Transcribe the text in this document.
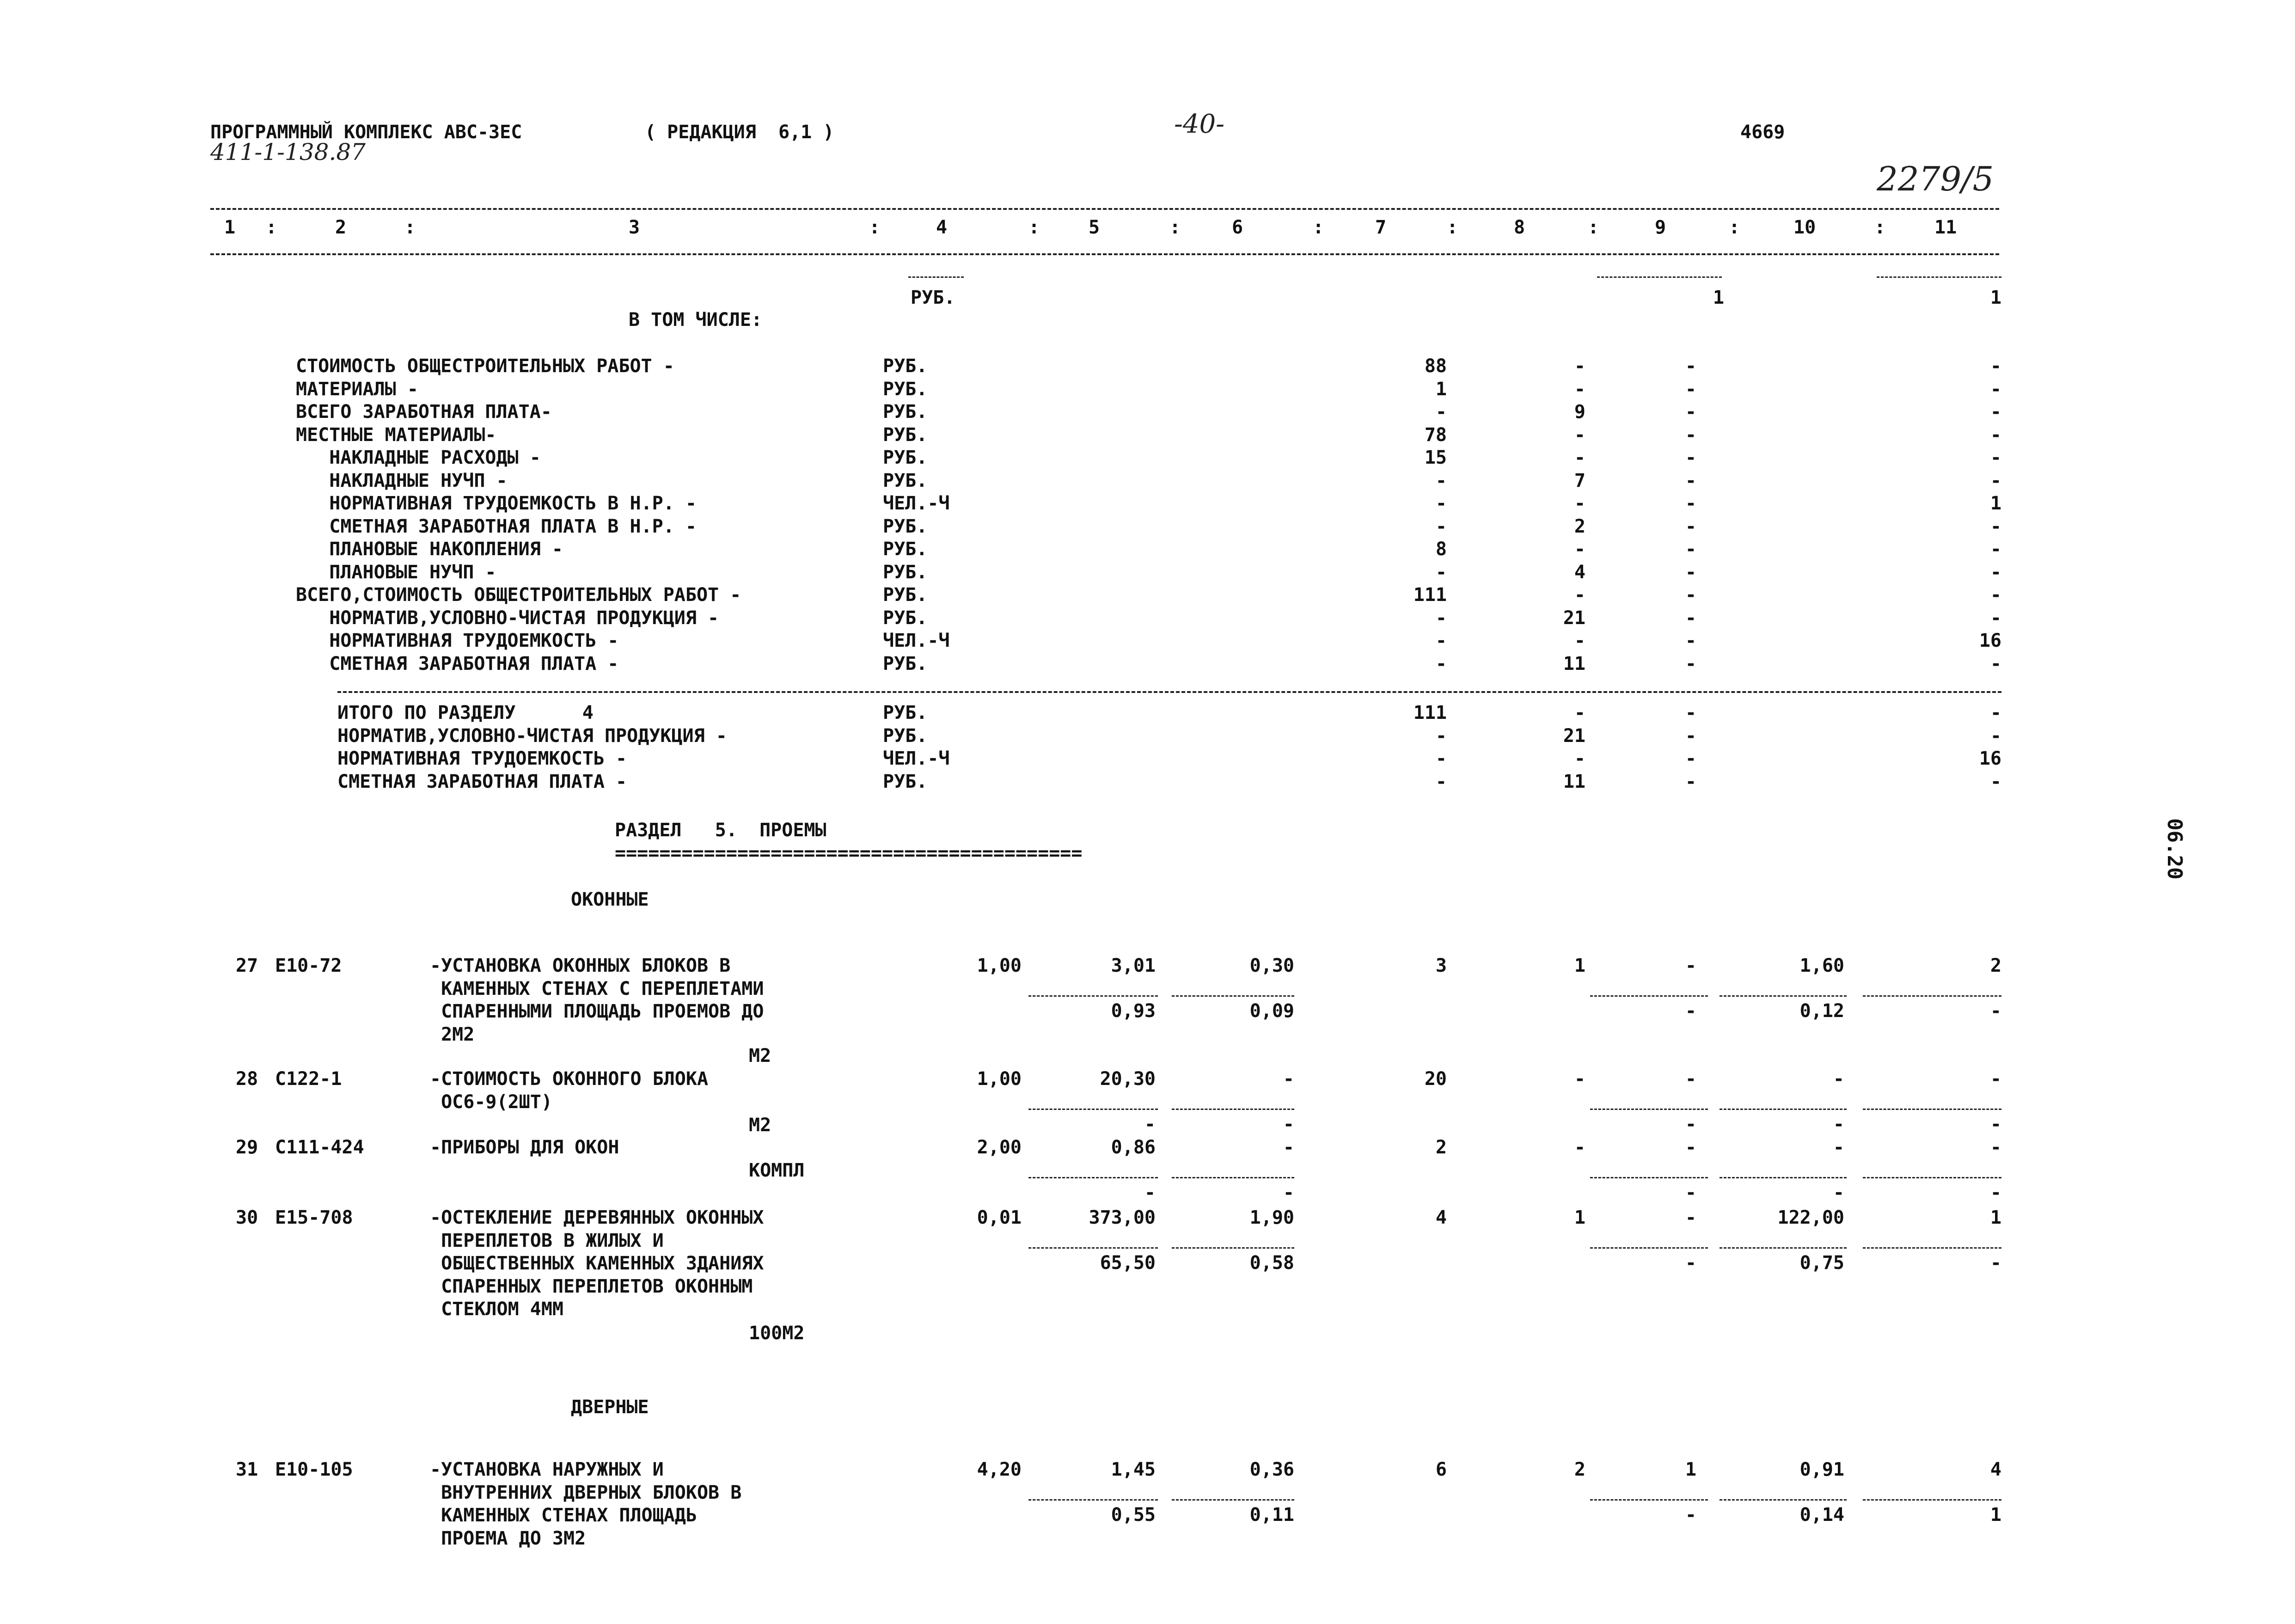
ПРОГРАММНЫЙ КОМПЛЕКС АВС-3ЕС	( РЕДАКЦИЯ  6,1 )	-40-	4669
411-1-138.87
2279/5
06.20
1	2	3	4	5	6	7	8	9	10	11
:	:	:	:	:	:	:	:	:	:
РУБ.	1	1
В ТОМ ЧИСЛЕ:
СТОИМОСТЬ ОБЩЕСТРОИТЕЛЬНЫХ РАБОТ -	РУБ.	88	-	-	-
МАТЕРИАЛЫ -	РУБ.	1	-	-	-
ВСЕГО ЗАРАБОТНАЯ ПЛАТА-	РУБ.	-	9	-	-
МЕСТНЫЕ МАТЕРИАЛЫ-	РУБ.	78	-	-	-
НАКЛАДНЫЕ РАСХОДЫ -	РУБ.	15	-	-	-
НАКЛАДНЫЕ НУЧП -	РУБ.	-	7	-	-
НОРМАТИВНАЯ ТРУДОЕМКОСТЬ В Н.Р. -	ЧЕЛ.-Ч	-	-	-	1
СМЕТНАЯ ЗАРАБОТНАЯ ПЛАТА В Н.Р. -	РУБ.	-	2	-	-
ПЛАНОВЫЕ НАКОПЛЕНИЯ -	РУБ.	8	-	-	-
ПЛАНОВЫЕ НУЧП -	РУБ.	-	4	-	-
ВСЕГО,СТОИМОСТЬ ОБЩЕСТРОИТЕЛЬНЫХ РАБОТ -	РУБ.	111	-	-	-
НОРМАТИВ,УСЛОВНО-ЧИСТАЯ ПРОДУКЦИЯ -	РУБ.	-	21	-	-
НОРМАТИВНАЯ ТРУДОЕМКОСТЬ -	ЧЕЛ.-Ч	-	-	-	16
СМЕТНАЯ ЗАРАБОТНАЯ ПЛАТА -	РУБ.	-	11	-	-
ИТОГО ПО РАЗДЕЛУ      4	РУБ.	111	-	-	-
НОРМАТИВ,УСЛОВНО-ЧИСТАЯ ПРОДУКЦИЯ -	РУБ.	-	21	-	-
НОРМАТИВНАЯ ТРУДОЕМКОСТЬ -	ЧЕЛ.-Ч	-	-	-	16
СМЕТНАЯ ЗАРАБОТНАЯ ПЛАТА -	РУБ.	-	11	-	-
РАЗДЕЛ   5.  ПРОЕМЫ
==========================================
ОКОННЫЕ
ДВЕРНЫЕ
27 Е10-72	-УСТАНОВКА ОКОННЫХ БЛОКОВ В
КАМЕННЫХ СТЕНАХ С ПЕРЕПЛЕТАМИ
СПАРЕННЫМИ ПЛОЩАДЬ ПРОЕМОВ ДО
2М2
М2
1,00	3,01	0,30	3	1	-	1,60	2
0,93	0,09	-	0,12	-
28 С122-1	-СТОИМОСТЬ ОКОННОГО БЛОКА
ОС6-9(2ШТ)
М2
1,00	20,30	-	20	-	-	-	-
-	-	-	-	-
29 С111-424	-ПРИБОРЫ ДЛЯ ОКОН
КОМПЛ
2,00	0,86	-	2	-	-	-	-
-	-	-	-	-
30 Е15-708	-ОСТЕКЛЕНИЕ ДЕРЕВЯННЫХ ОКОННЫХ
ПЕРЕПЛЕТОВ В ЖИЛЫХ И
ОБЩЕСТВЕННЫХ КАМЕННЫХ ЗДАНИЯХ
СПАРЕННЫХ ПЕРЕПЛЕТОВ ОКОННЫМ
СТЕКЛОМ 4ММ
100М2
0,01	373,00	1,90	4	1	-	122,00	1
65,50	0,58	-	0,75	-
31 Е10-105	-УСТАНОВКА НАРУЖНЫХ И
ВНУТРЕННИХ ДВЕРНЫХ БЛОКОВ В
КАМЕННЫХ СТЕНАХ ПЛОЩАДЬ
ПРОЕМА ДО 3М2
4,20	1,45	0,36	6	2	1	0,91	4
0,55	0,11	-	0,14	1
